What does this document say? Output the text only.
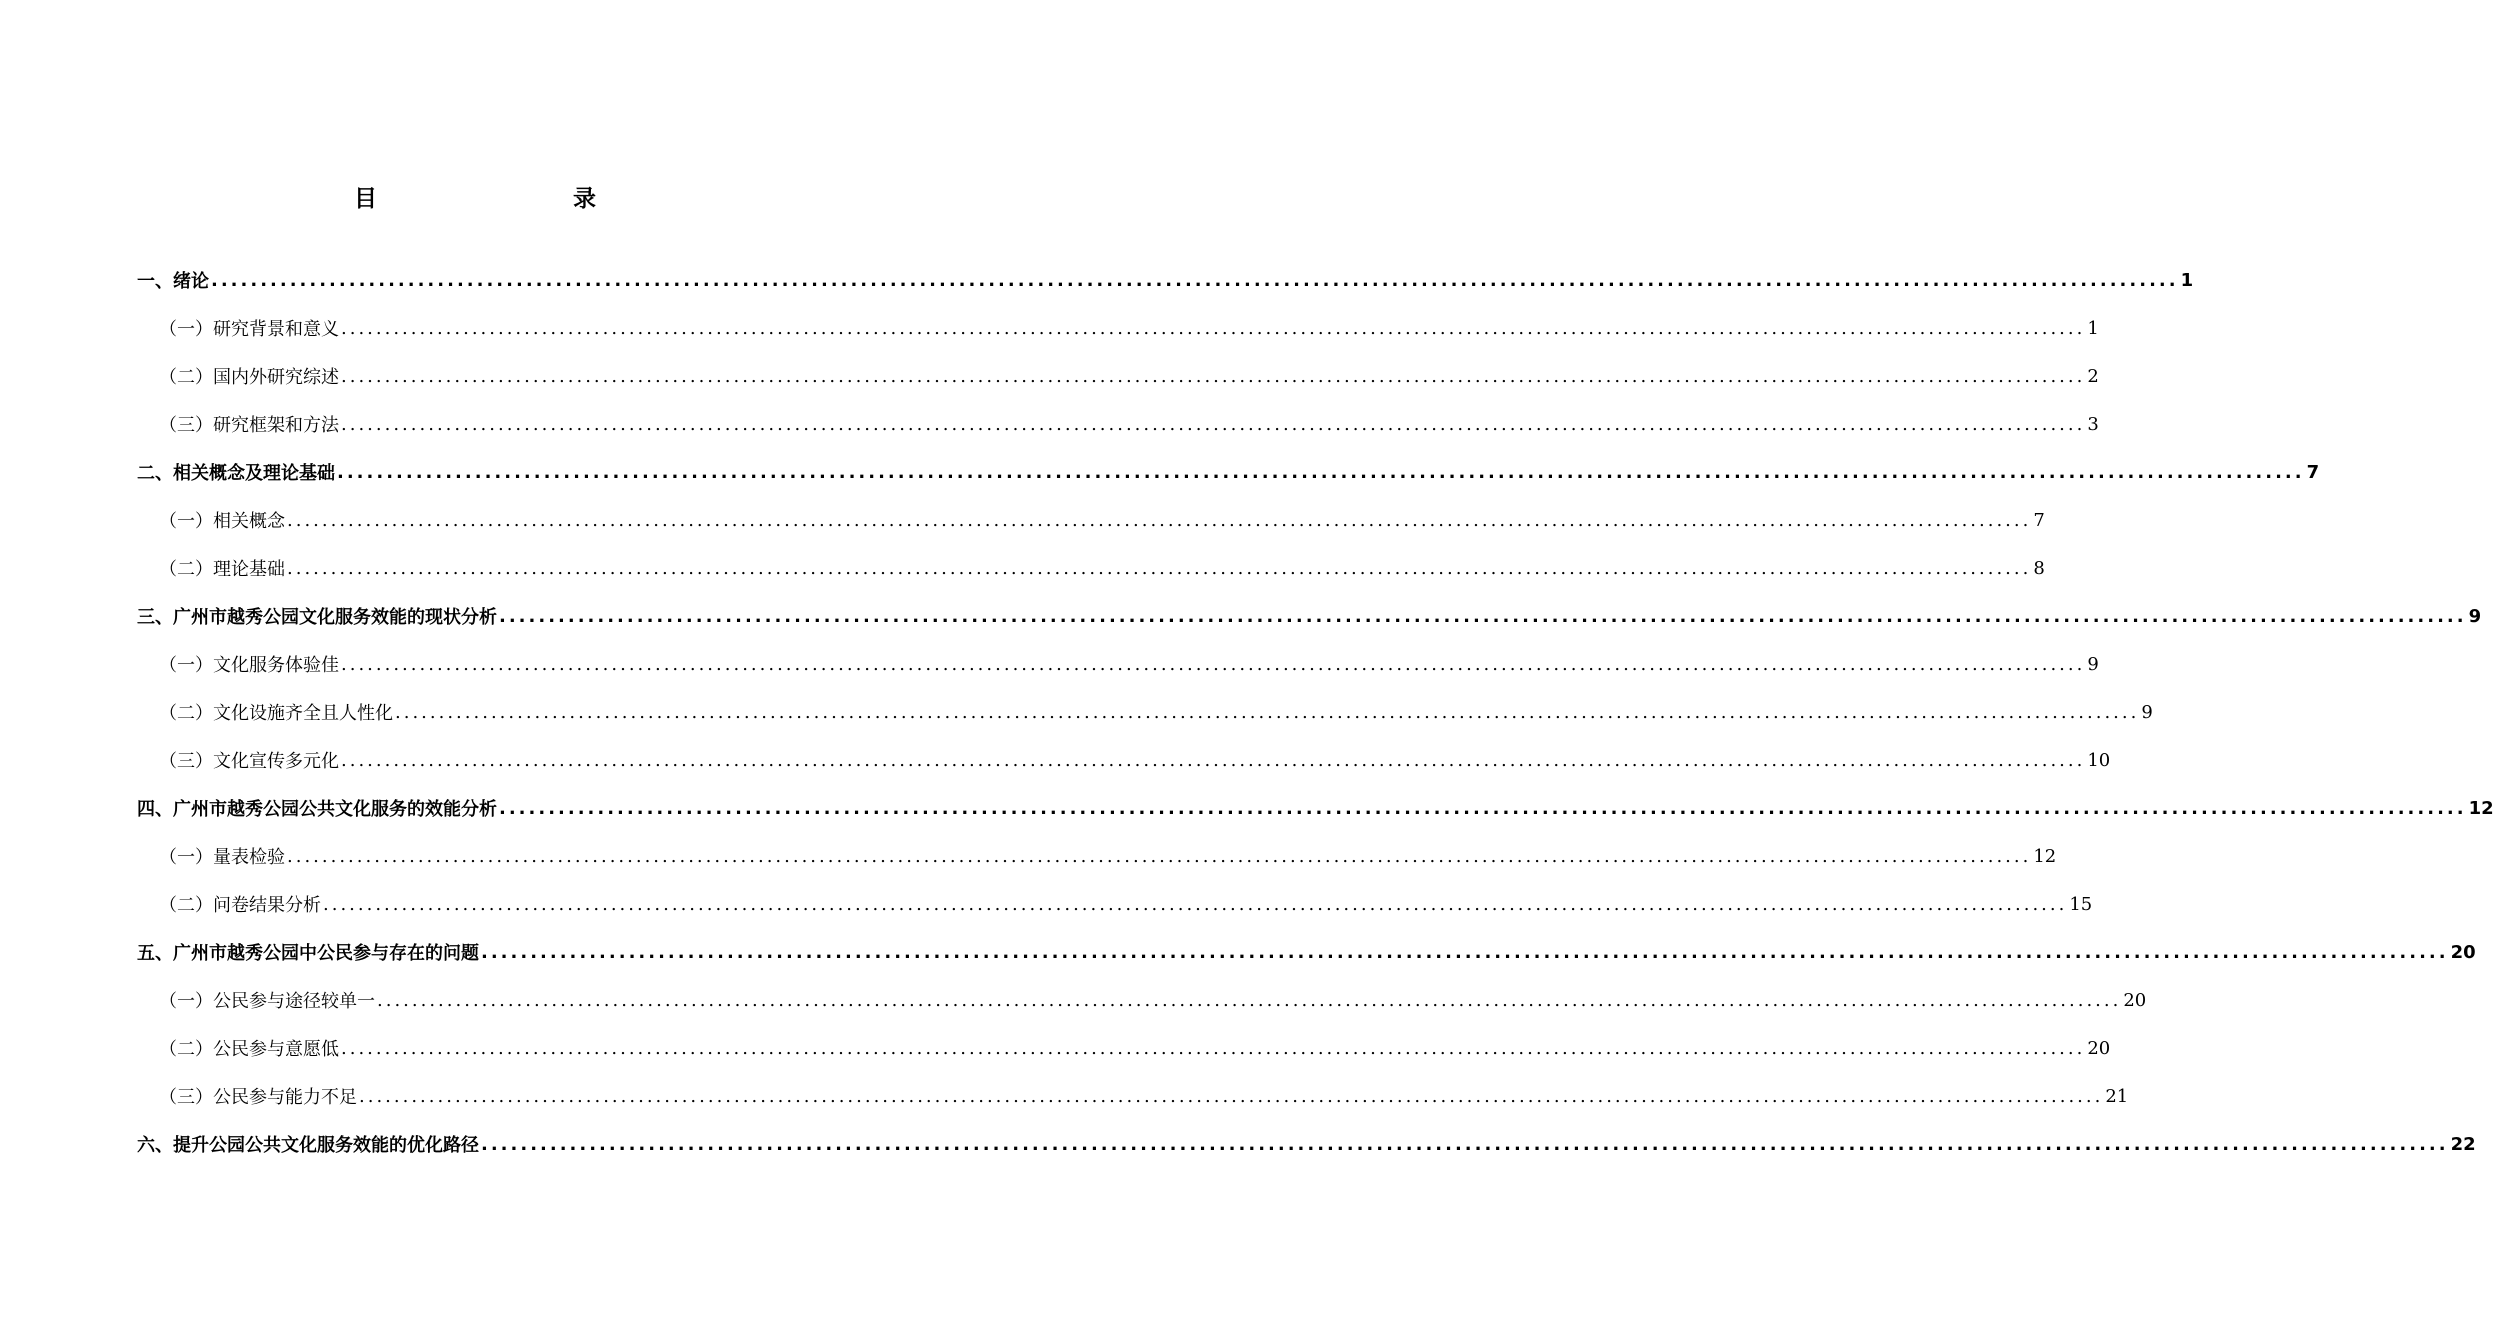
目　　录
一、绪论 ........................................................................................................................................................................................................ 1
（一）研究背景和意义 ........................................................................................................................................................................................................ 1
（二）国内外研究综述 ........................................................................................................................................................................................................ 2
（三）研究框架和方法 ........................................................................................................................................................................................................ 3
二、相关概念及理论基础 ........................................................................................................................................................................................................ 7
（一）相关概念 ........................................................................................................................................................................................................ 7
（二）理论基础 ........................................................................................................................................................................................................ 8
三、广州市越秀公园文化服务效能的现状分析 ........................................................................................................................................................................................................ 9
（一）文化服务体验佳 ........................................................................................................................................................................................................ 9
（二）文化设施齐全且人性化 ........................................................................................................................................................................................................ 9
（三）文化宣传多元化 ........................................................................................................................................................................................................ 10
四、广州市越秀公园公共文化服务的效能分析 ........................................................................................................................................................................................................ 12
（一）量表检验 ........................................................................................................................................................................................................ 12
（二）问卷结果分析 ........................................................................................................................................................................................................ 15
五、广州市越秀公园中公民参与存在的问题 ........................................................................................................................................................................................................ 20
（一）公民参与途径较单一 ........................................................................................................................................................................................................ 20
（二）公民参与意愿低 ........................................................................................................................................................................................................ 20
（三）公民参与能力不足 ........................................................................................................................................................................................................ 21
六、提升公园公共文化服务效能的优化路径 ........................................................................................................................................................................................................ 22
